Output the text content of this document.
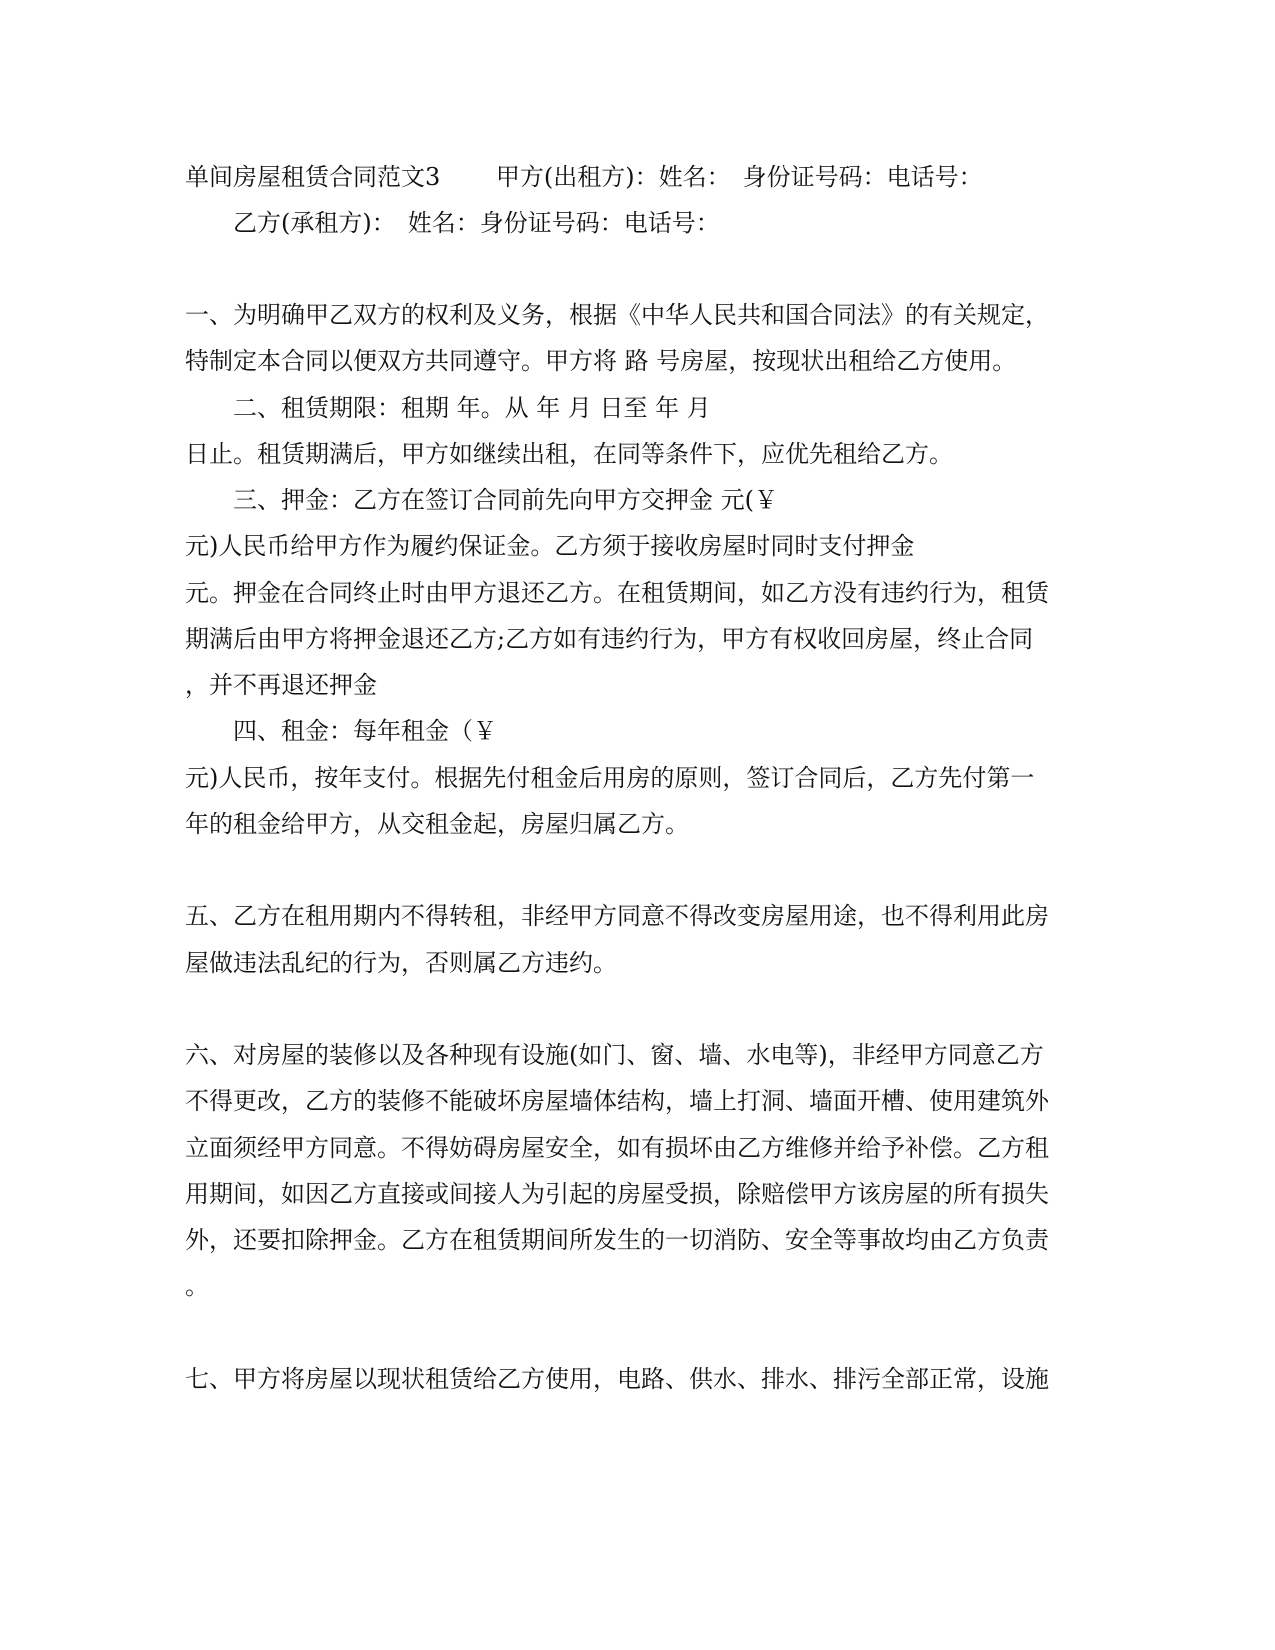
单间房屋租赁合同范文3　　 甲方(出租方)：姓名：　身份证号码：电话号：
乙方(承租方)：　姓名：身份证号码：电话号：
一、为明确甲乙双方的权利及义务，根据《中华人民共和国合同法》的有关规定，
特制定本合同以便双方共同遵守。甲方将 路 号房屋，按现状出租给乙方使用。
二、租赁期限：租期 年。从 年 月 日至 年 月
日止。租赁期满后，甲方如继续出租，在同等条件下，应优先租给乙方。
三、押金：乙方在签订合同前先向甲方交押金 元(￥
元)人民币给甲方作为履约保证金。乙方须于接收房屋时同时支付押金
元。押金在合同终止时由甲方退还乙方。在租赁期间，如乙方没有违约行为，租赁
期满后由甲方将押金退还乙方;乙方如有违约行为，甲方有权收回房屋，终止合同
，并不再退还押金
四、租金：每年租金（￥
元)人民币，按年支付。根据先付租金后用房的原则，签订合同后，乙方先付第一
年的租金给甲方，从交租金起，房屋归属乙方。
五、乙方在租用期内不得转租，非经甲方同意不得改变房屋用途，也不得利用此房
屋做违法乱纪的行为，否则属乙方违约。
六、对房屋的装修以及各种现有设施(如门、窗、墙、水电等)，非经甲方同意乙方
不得更改，乙方的装修不能破坏房屋墙体结构，墙上打洞、墙面开槽、使用建筑外
立面须经甲方同意。不得妨碍房屋安全，如有损坏由乙方维修并给予补偿。乙方租
用期间，如因乙方直接或间接人为引起的房屋受损，除赔偿甲方该房屋的所有损失
外，还要扣除押金。乙方在租赁期间所发生的一切消防、安全等事故均由乙方负责
。
七、甲方将房屋以现状租赁给乙方使用，电路、供水、排水、排污全部正常，设施
